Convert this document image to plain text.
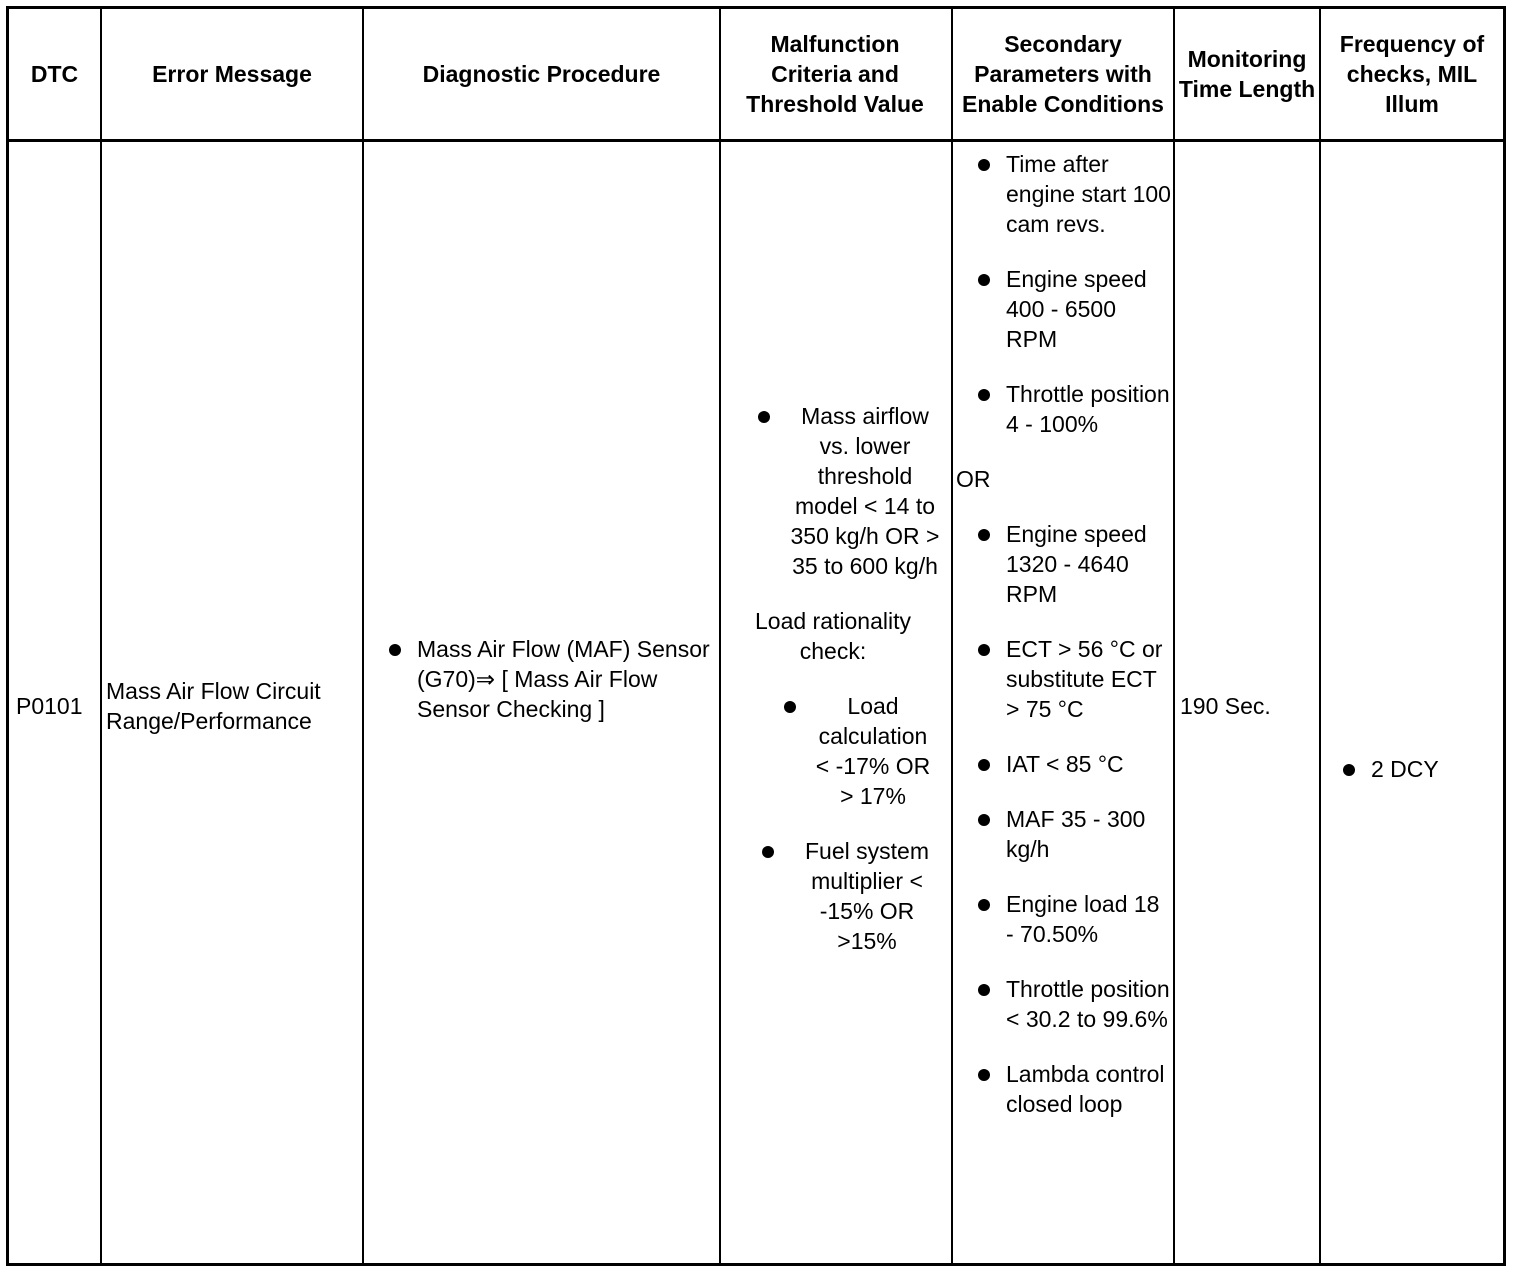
DTC	Error Message	Diagnostic Procedure
Malfunction Criteria and Threshold Value
Secondary Parameters with Enable Conditions
Monitoring Time Length
Frequency of checks, MIL Illum
P0101
Mass Air Flow Circuit Range/Performance
Mass Air Flow (MAF) Sensor (G70)⇒ [ Mass Air Flow Sensor Checking ]
Mass airflow vs. lower threshold model < 14 to 350 kg/h OR > 35 to 600 kg/h
Load rationality check:
Load calculation < -17% OR > 17%
Fuel system multiplier < -15% OR >15%
Time after engine start 100 cam revs.
Engine speed 400 - 6500 RPM
Throttle position 4 - 100%
OR
Engine speed 1320 - 4640 RPM
ECT > 56 °C or substitute ECT > 75 °C
IAT < 85 °C
MAF 35 - 300 kg/h
Engine load 18 - 70.50%
Throttle position < 30.2 to 99.6%
Lambda control closed loop
190 Sec.
2 DCY
